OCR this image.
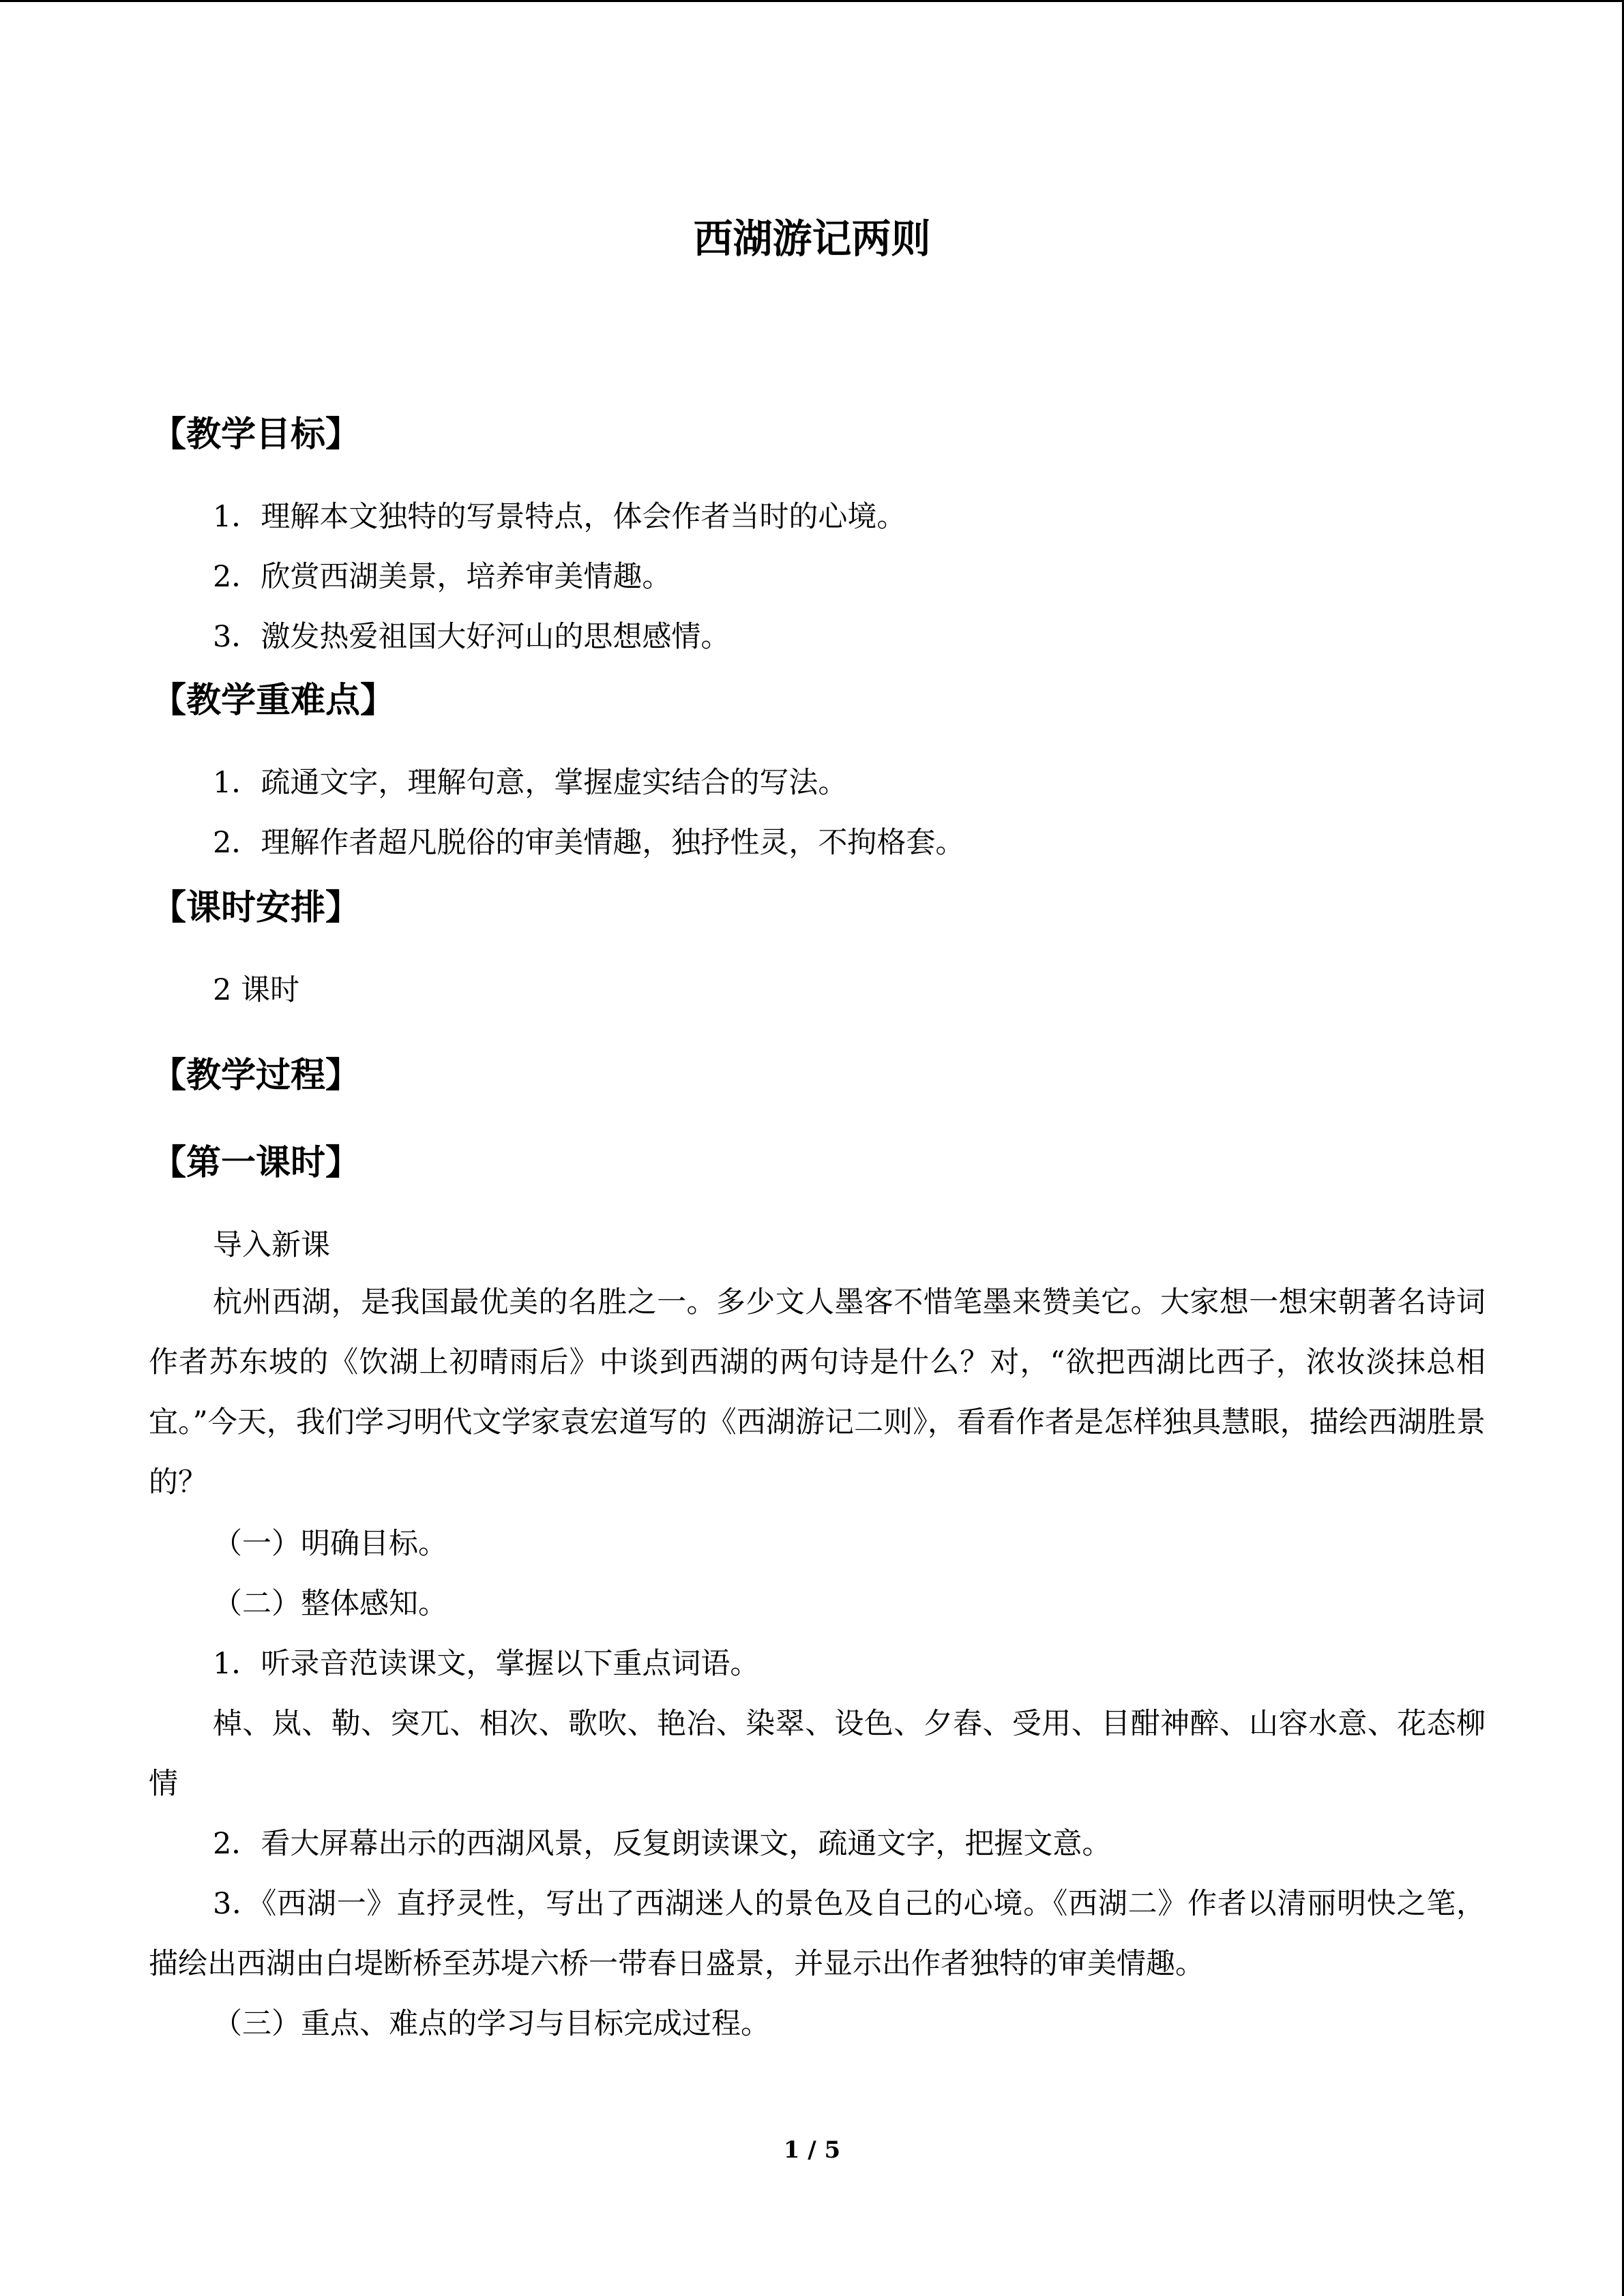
西湖游记两则
【教学目标】

1．理解本文独特的写景特点，体会作者当时的心境。

2．欣赏西湖美景，培养审美情趣。

3．激发热爱祖国大好河山的思想感情。

【教学重难点】

1．疏通文字，理解句意，掌握虚实结合的写法。

2．理解作者超凡脱俗的审美情趣，独抒性灵，不拘格套。

【课时安排】

2 课时

【教学过程】
【第一课时】

导入新课

杭州西湖，是我国最优美的名胜之一。多少文人墨客不惜笔墨来赞美它。大家想一想宋朝著名诗词作者苏东坡的《饮湖上初晴雨后》中谈到西湖的两句诗是什么？对，“欲把西湖比西子，浓妆淡抹总相宜。”今天，我们学习明代文学家袁宏道写的《西湖游记二则》，看看作者是怎样独具慧眼，描绘西湖胜景的？

（一）明确目标。

（二）整体感知。

1．听录音范读课文，掌握以下重点词语。

棹、岚、勒、突兀、相次、歌吹、艳冶、染翠、设色、夕舂、受用、目酣神醉、山容水意、花态柳情

2．看大屏幕出示的西湖风景，反复朗读课文，疏通文字，把握文意。

3．《西湖一》直抒灵性，写出了西湖迷人的景色及自己的心境。《西湖二》作者以清丽明快之笔，描绘出西湖由白堤断桥至苏堤六桥一带春日盛景，并显示出作者独特的审美情趣。

（三）重点、难点的学习与目标完成过程。

1 / 5
